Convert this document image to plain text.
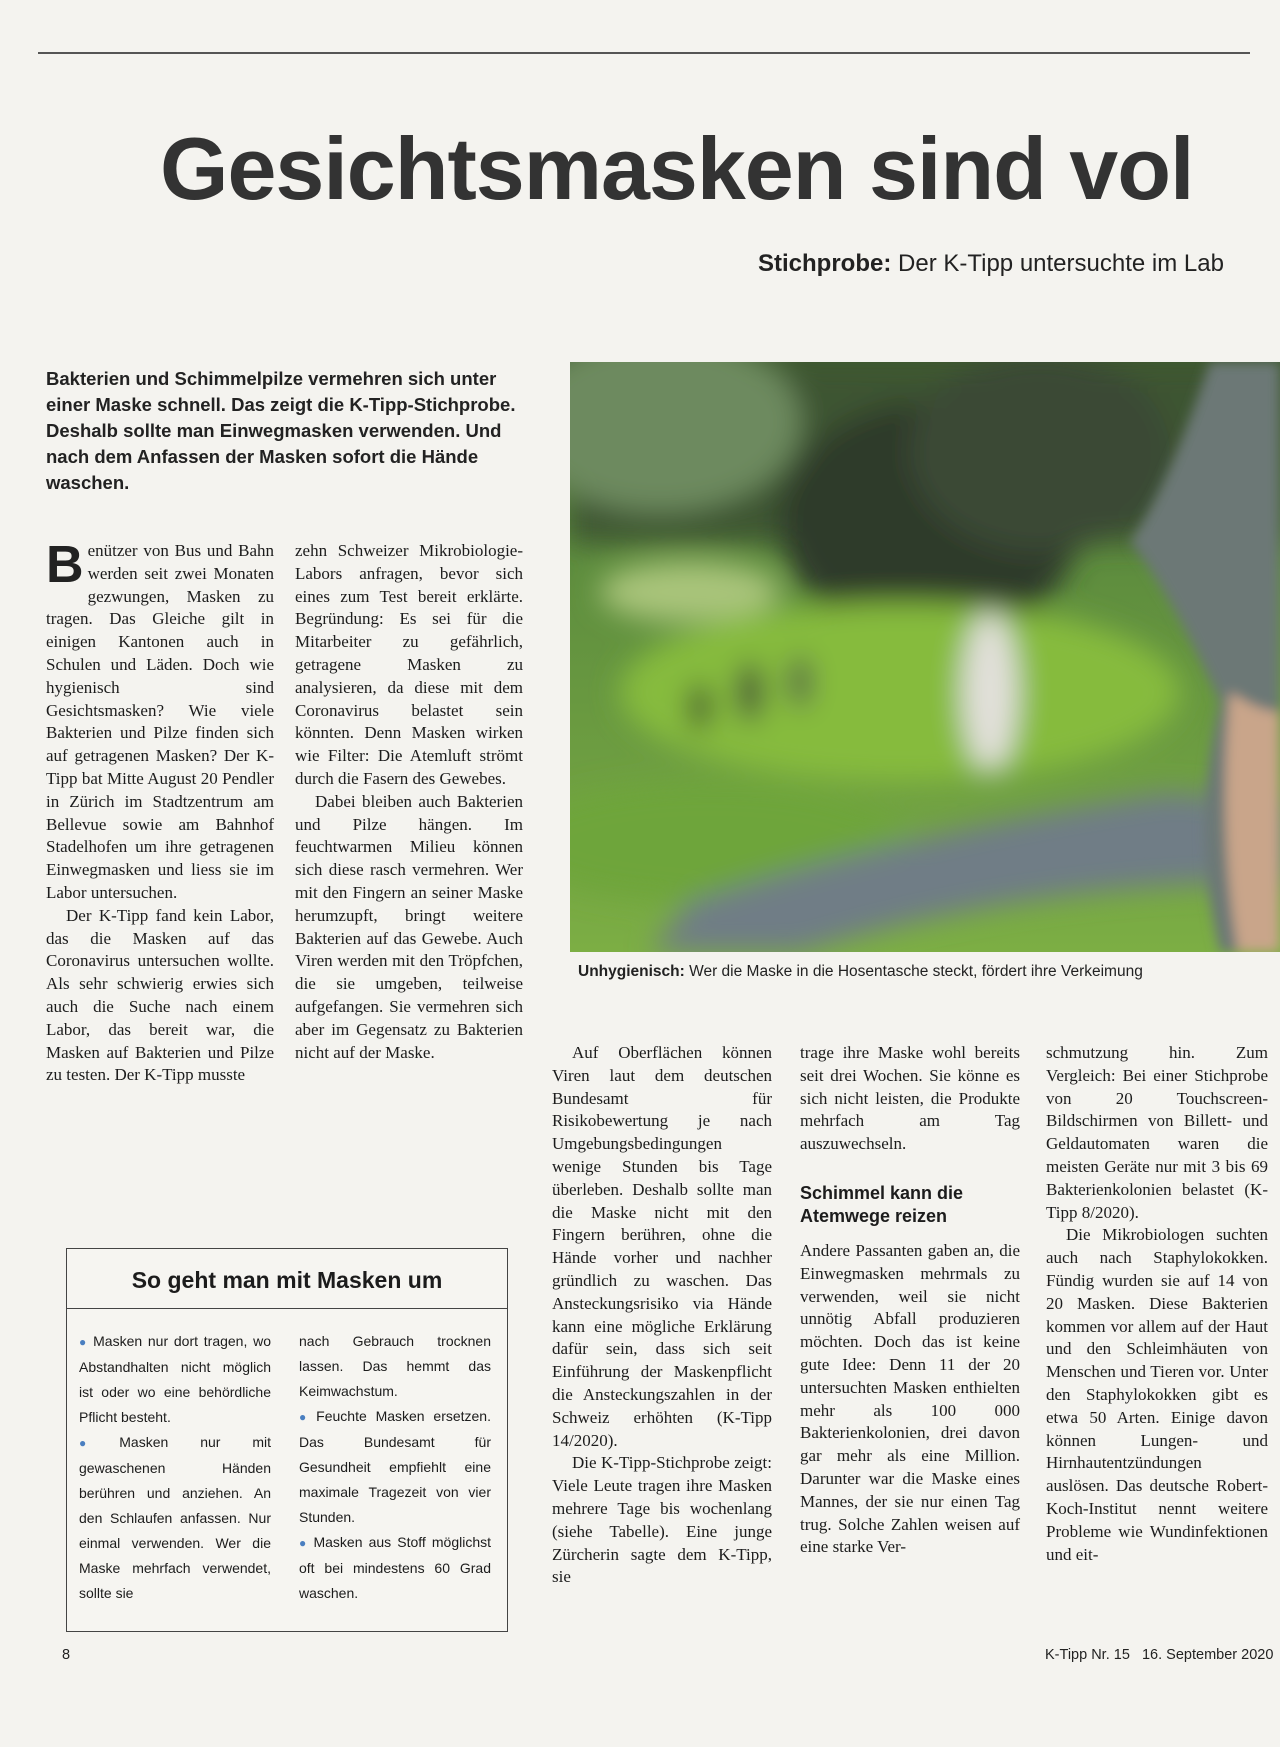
Gesichtsmasken sind vol
Stichprobe: Der K-Tipp untersuchte im Lab
Bakterien und Schimmelpilze vermehren sich unter einer Maske schnell. Das zeigt die K-Tipp-Stichprobe. Deshalb sollte man Einwegmasken verwenden. Und nach dem Anfassen der Masken sofort die Hände waschen.
Unhygienisch: Wer die Maske in die Hosentasche steckt, fördert ihre Verkeimung

Benützer von Bus und Bahn werden seit zwei Monaten gezwungen, Masken zu tragen. Das Gleiche gilt in einigen Kantonen auch in Schulen und Läden. Doch wie hygienisch sind Gesichtsmasken? Wie viele Bakterien und Pilze finden sich auf getragenen Masken? Der K-Tipp bat Mitte August 20 Pendler in Zürich im Stadtzentrum am Bellevue sowie am Bahnhof Stadelhofen um ihre getragenen Einwegmasken und liess sie im Labor untersuchen.

Der K-Tipp fand kein Labor, das die Masken auf das Coronavirus untersuchen wollte. Als sehr schwierig erwies sich auch die Suche nach einem Labor, das bereit war, die Masken auf Bakterien und Pilze zu testen. Der K-Tipp musste

zehn Schweizer Mikrobiologie-Labors anfragen, bevor sich eines zum Test bereit erklärte. Begründung: Es sei für die Mitarbeiter zu gefährlich, getragene Masken zu analysieren, da diese mit dem Coronavirus belastet sein könnten. Denn Masken wirken wie Filter: Die Atemluft strömt durch die Fasern des Gewebes.

Dabei bleiben auch Bakterien und Pilze hängen. Im feuchtwarmen Milieu können sich diese rasch vermehren. Wer mit den Fingern an seiner Maske herumzupft, bringt weitere Bakterien auf das Gewebe. Auch Viren werden mit den Tröpfchen, die sie umgeben, teilweise aufgefangen. Sie vermehren sich aber im Gegensatz zu Bakterien nicht auf der Maske.	Auf Oberflächen können Viren laut dem deutschen Bundesamt für Risikobewertung je nach Umgebungsbedingungen wenige Stunden bis Tage überleben. Deshalb sollte man die Maske nicht mit den Fingern berühren, ohne die Hände vorher und nachher gründlich zu waschen. Das Ansteckungsrisiko via Hände kann eine mögliche Erklärung dafür sein, dass sich seit Einführung der Maskenpflicht die Ansteckungszahlen in der Schweiz erhöhten (K-Tipp 14/2020).

Die K-Tipp-Stichprobe zeigt: Viele Leute tragen ihre Masken mehrere Tage bis wochenlang (siehe Tabelle). Eine junge Zürcherin sagte dem K-Tipp, sie

trage ihre Maske wohl bereits seit drei Wochen. Sie könne es sich nicht leisten, die Produkte mehrfach am Tag auszuwechseln.

Schimmel kann die Atemwege reizen

Andere Passanten gaben an, die Einwegmasken mehrmals zu verwenden, weil sie nicht unnötig Abfall produzieren möchten. Doch das ist keine gute Idee: Denn 11 der 20 untersuchten Masken enthielten mehr als 100 000 Bakterienkolonien, drei davon gar mehr als eine Million. Darunter war die Maske eines Mannes, der sie nur einen Tag trug. Solche Zahlen weisen auf eine starke Ver-

schmutzung hin. Zum Vergleich: Bei einer Stichprobe von 20 Touchscreen-Bildschirmen von Billett- und Geldautomaten waren die meisten Geräte nur mit 3 bis 69 Bakterienkolonien belastet (K-Tipp 8/2020).

Die Mikrobiologen suchten auch nach Staphylokokken. Fündig wurden sie auf 14 von 20 Masken. Diese Bakterien kommen vor allem auf der Haut und den Schleimhäuten von Menschen und Tieren vor. Unter den Staphylokokken gibt es etwa 50 Arten. Einige davon können Lungen- und Hirnhautentzündungen auslösen. Das deutsche Robert-Koch-Institut nennt weitere Probleme wie Wundinfektionen und eit-

So geht man mit Masken um
● Masken nur dort tragen, wo Abstandhalten nicht möglich ist oder wo eine behördliche Pflicht besteht.
● Masken nur mit gewaschenen Händen berühren und anziehen. An den Schlaufen anfassen. Nur einmal verwenden. Wer die Maske mehrfach verwendet, sollte sie
nach Gebrauch trocknen lassen. Das hemmt das Keimwachstum.
● Feuchte Masken ersetzen. Das Bundesamt für Gesundheit empfiehlt eine maximale Tragezeit von vier Stunden.
● Masken aus Stoff möglichst oft bei mindestens 60 Grad waschen.
8	K-Tipp Nr. 15 16. September 2020
